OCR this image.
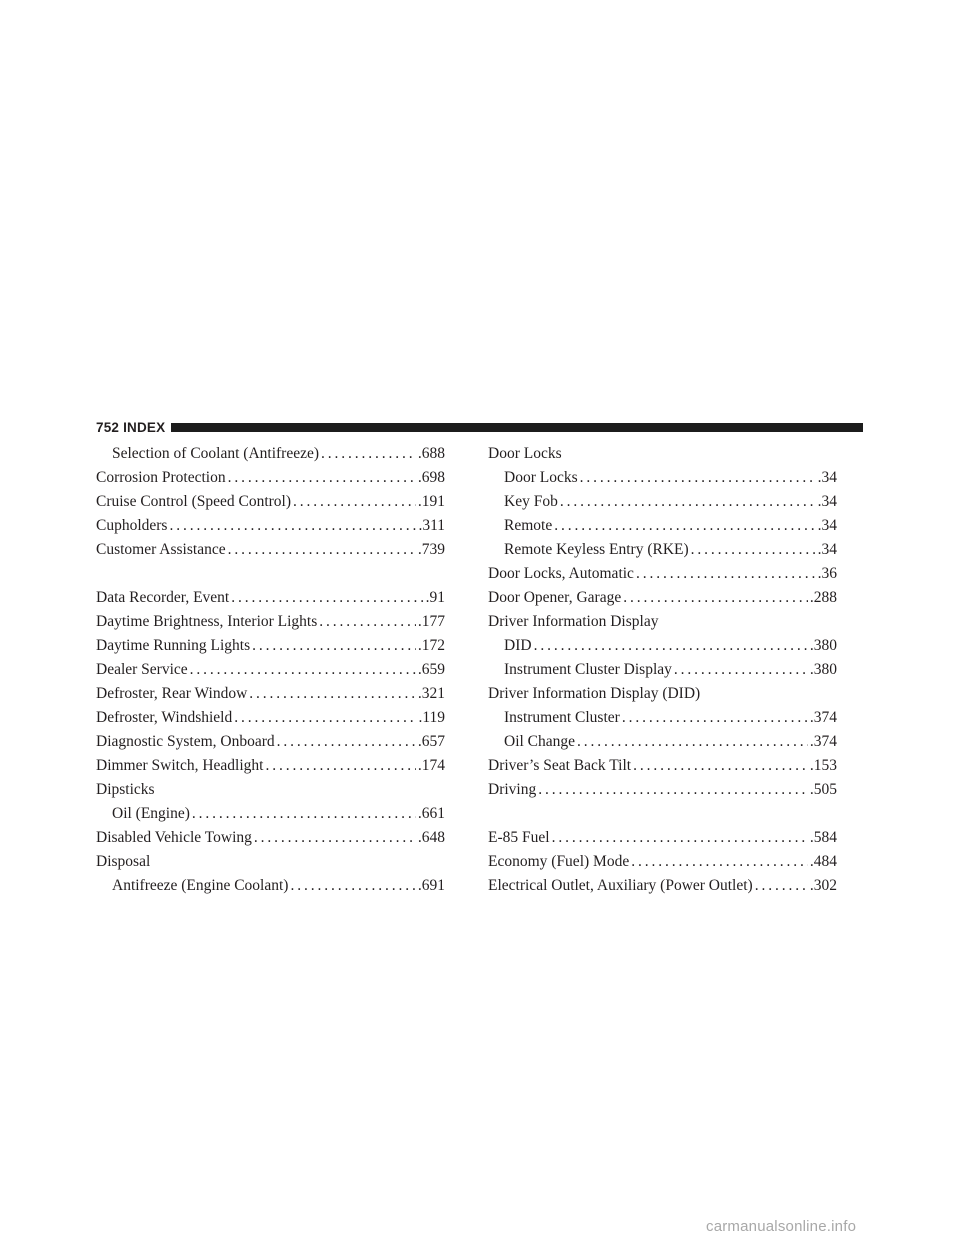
752 INDEX
Selection of Coolant (Antifreeze) . . .	.688
Corrosion Protection . . .	.698
Cruise Control (Speed Control) . . .	.191
Cupholders . . .	.311
Customer Assistance . . .	.739
Data Recorder, Event . . .	.91
Daytime Brightness, Interior Lights . . .	.177
Daytime Running Lights . . .	.172
Dealer Service . . .	.659
Defroster, Rear Window . . .	.321
Defroster, Windshield . . .	.119
Diagnostic System, Onboard . . .	.657
Dimmer Switch, Headlight . . .	.174
Dipsticks
Oil (Engine) . . .	.661
Disabled Vehicle Towing . . .	.648
Disposal
Antifreeze (Engine Coolant) . . .	.691
Door Locks
Door Locks . . .	.34
Key Fob . . .	.34
Remote . . .	.34
Remote Keyless Entry (RKE) . . .	.34
Door Locks, Automatic . . .	.36
Door Opener, Garage . . .	.288
Driver Information Display
DID . . .	.380
Instrument Cluster Display . . .	.380
Driver Information Display (DID)
Instrument Cluster . . .	.374
Oil Change . . .	.374
Driver’s Seat Back Tilt . . .	.153
Driving . . .	.505
E-85 Fuel . . .	.584
Economy (Fuel) Mode . . .	.484
Electrical Outlet, Auxiliary (Power Outlet) . . .	.302
carmanualsonline.info
